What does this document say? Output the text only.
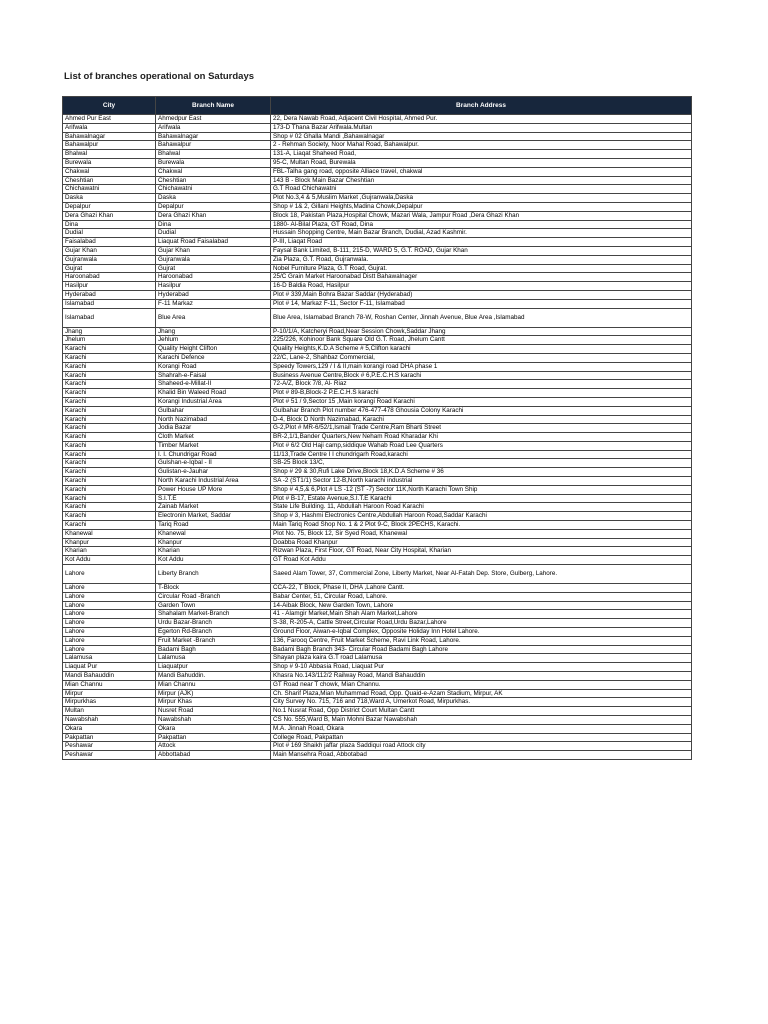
List of branches operational on Saturdays
City	Branch Name	Branch Address
Ahmed Pur East	Ahmedpur East	22, Dera Nawab Road, Adjacent Civil Hospital, Ahmed Pur.
Arifwala	Arifwala	173-D Thana Bazar Arifwala.Multan
Bahawalnagar	Bahawalnagar	Shop # 02 Ghalla Mandi ,Bahawalnagar
Bahawalpur	Bahawalpur	2 - Rehman Society, Noor Mahal Road, Bahawalpur.
Bhalwal	Bhalwal	131-A, Liaqat Shaheed Road,
Burewala	Burewala	95-C, Multan Road, Burewala
Chakwal	Chakwal	FBL-Talha gang road, opposite Alliace travel, chakwal
Cheshtian	Cheshtian	143 B - Block Main Bazar Cheshtian
Chichawatni	Chichawatni	G.T Road Chichawatni
Daska	Daska	Plot No.3,4 & 5,Muslim Market ,Gujranwala,Daska
Depalpur	Depalpur	Shop # 1& 2, Gillani Heights,Madina Chowk,Depalpur
Dera Ghazi Khan	Dera Ghazi Khan	Block 18, Pakistan Plaza,Hospital Chowk, Mazari Wala, Jampur Road ,Dera Ghazi Khan
Dina	Dina	1880- Al-Bilal Plaza, GT Road, Dina
Dudial	Dudial	Hussain Shopping Centre, Main Bazar Branch, Dudial, Azad Kashmir.
Faisalabad	Liaquat Road Faisalabad	P-III, Liaqat Road
Gujar Khan	Gujar Khan	Faysal Bank Limited, B-111, 215-D, WARD 5, G.T. ROAD, Gujar Khan
Gujranwala	Gujranwala	Zia Plaza, G.T. Road, Gujranwala.
Gujrat	Gujrat	Nobel Furniture Plaza, G.T Road, Gujrat.
Haroonabad	Haroonabad	25/C Grain Market Haroonabad Distt Bahawalnager
Hasilpur	Hasilpur	16-D Baldia Road, Hasilpur
Hyderabad	Hyderabad	Plot # 339,Main Bohra Bazar Saddar (Hyderabad)
Islamabad	F-11 Markaz	Plot # 14, Markaz F-11, Sector F-11, Islamabad
Islamabad	Blue Area	Blue Area, Islamabad Branch 78-W, Roshan Center, Jinnah Avenue, Blue Area ,Islamabad
Jhang	Jhang	P-10/1/A, Katcheryi Road,Near Session Chowk,Saddar Jhang
Jhelum	Jehlum	225/226, Kohinoor Bank Square Old G.T. Road, Jhelum Cantt
Karachi	Quality Height Clifton	Quality Heights,K.D.A Scheme # 5,Clifton karachi
Karachi	Karachi Defence	22/C, Lane-2, Shahbaz Commercial,
Karachi	Korangi Road	Speedy Towers,129 / I & II,main korangi road DHA phase 1
Karachi	Shahrah-e-Faisal	Business Avenue Centre,Block # 6,P.E.C.H.S karachi
Karachi	Shaheed-e-Millat-II	72-A/Z, Block 7/8, Al- Riaz
Karachi	Khalid Bin Waleed Road	Plot # 89-B,Block-2 P.E.C.H.S karachi
Karachi	Korangi Industrial Area	Plot # 51 / 9,Sector 15 ,Main korangi Road Karachi
Karachi	Gulbahar	Gulbahar Branch Plot number 476-477-478 Ghousia Colony Karachi
Karachi	North Nazimabad	D-4, Block D North Nazimabad, Karachi
Karachi	Jodia Bazar	G-2,Plot # MR-6/52/1,Ismail Trade Centre,Ram Bharti Street
Karachi	Cloth Market	BR-2,1/1,Bander Quarters,New Neham Road Kharadar Khi
Karachi	Timber Market	Plot # 6/2 Old Haji camp,siddique Wahab Road Lee Quarters
Karachi	I. I. Chundrigar Road	11/13,Trade Centre I I chundrigarh Road,karachi
Karachi	Gulshan-e-Iqbal - II	SB-25 Block 13/C,
Karachi	Gulistan-e-Jauhar	Shop # 29 & 30,Rufi Lake Drive,Block 18,K.D.A Scheme # 36
Karachi	North Karachi Industrial Area	SA -2 (ST1/1) Sector 12-B,North karachi industrial
Karachi	Power House UP More	Shop # 4,5,& 6,Plot # LS -12 (ST -7) Sector 11K,North Karachi Town Ship
Karachi	S.I.T.E	Plot # B-17, Estate Avenue,S.I.T.E Karachi
Karachi	Zainab Market	State Life Building. 11, Abdullah Haroon Road Karachi
Karachi	Electronin Market, Saddar	Shop # 3, Hashmi Electronics Centre,Abdullah Haroon Road,Saddar Karachi
Karachi	Tariq Road	Main Tariq Road Shop No. 1 & 2 Plot 9-C, Block 2PECHS, Karachi.
Khanewal	Khanewal	Plot No. 75, Block 12, Sir Syed Road, Khanewal
Khanpur	Khanpur	Doabba Road Khanpur
Kharian	Kharian	Rizwan Plaza, First Floor, GT Road, Near City Hospital, Kharian
Kot Addu	Kot Addu	GT Road Kot Addu
Lahore	Liberty Branch	Saeed Alam Tower, 37, Commercial Zone, Liberty Market, Near Al-Fatah Dep. Store, Gulberg, Lahore.
Lahore	T-Block	CCA-22, T Block, Phase II, DHA ,Lahore Cantt.
Lahore	Circular Road -Branch	Babar Center, 51, Circular Road, Lahore.
Lahore	Garden Town	14-Aibak Block, New Garden Town, Lahore
Lahore	Shahalam Market-Branch	41 - Alamgir Market,Main Shah Alam Market,Lahore
Lahore	Urdu Bazar-Branch	S-38, R-205-A, Cattle Street,Circular Road,Urdu Bazar,Lahore
Lahore	Egerton Rd-Branch	Ground Floor, Aiwan-e-Iqbal Complex, Opposite Holiday Inn Hotel Lahore.
Lahore	Fruit Market -Branch	136, Farooq Centre, Fruit Market Scheme, Ravi Link Road, Lahore.
Lahore	Badami Bagh	Badami Bagh Branch 343- Circular Road Badami Bagh Lahore
Lalamusa	Lalamusa	Shayan plaza kaira G.T road Lalamusa
Liaquat Pur	Liaquatpur	Shop # 9-10 Abbasia Road, Liaquat Pur
Mandi Bahauddin	Mandi Bahuddin.	Khasra No.143/112/2 Railway Road, Mandi Bahauddin
Mian Channu	Mian Channu	GT Road near T chowk, Mian Channu.
Mirpur	Mirpur (AJK)	Ch. Sharif Plaza,Mian Muhammad Road, Opp. Quaid-e-Azam Stadium, Mirpur, AK
Mirpurkhas	Mirpur Khas	City Survey No. 715, 716 and 718,Ward A, Umerkot Road, Mirpurkhas.
Multan	Nusret Road	No.1 Nusrat Road, Opp District Court Multan Cantt
Nawabshah	Nawabshah	CS No. 555,Ward B, Main Mohni Bazar Nawabshah
Okara	Okara	M.A. Jinnah Road, Okara
Pakpattan	Pakpattan	College Road, Pakpattan
Peshawar	Attock	Plot # 169 Shaikh jaffar plaza Saddiqui road Attock city
Peshawar	Abbottabad	Main Mansehra Road, Abbotabad
